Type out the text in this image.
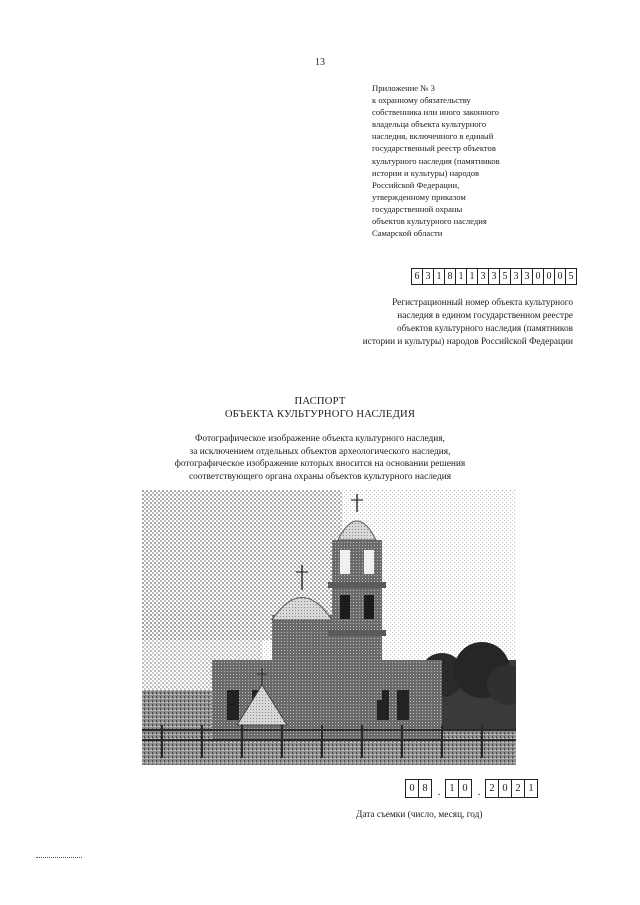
13
Приложение № 3
к охранному обязательству
собственника или иного законного
владельца объекта культурного
наследия, включенного в единый
государственный реестр объектов
культурного наследия (памятников
истории и культуры) народов
Российской Федерации,
утвержденному приказом
государственной охраны
объектов культурного наследия
Самарской области
6 3 1 8 1 1 3 3 5 3 3 0 0 0 5
Регистрационный номер объекта культурного
наследия в едином государственном реестре
объектов культурного наследия (памятников
истории и культуры) народов Российской Федерации
ПАСПОРТ
ОБЪЕКТА КУЛЬТУРНОГО НАСЛЕДИЯ
Фотографическое изображение объекта культурного наследия,
за исключением отдельных объектов археологического наследия,
фотографическое изображение которых вносится на основании решения
соответствующего органа охраны объектов культурного наследия
0 8 . 1 0 . 2 0 2 1
Дата съемки (число, месяц, год)
